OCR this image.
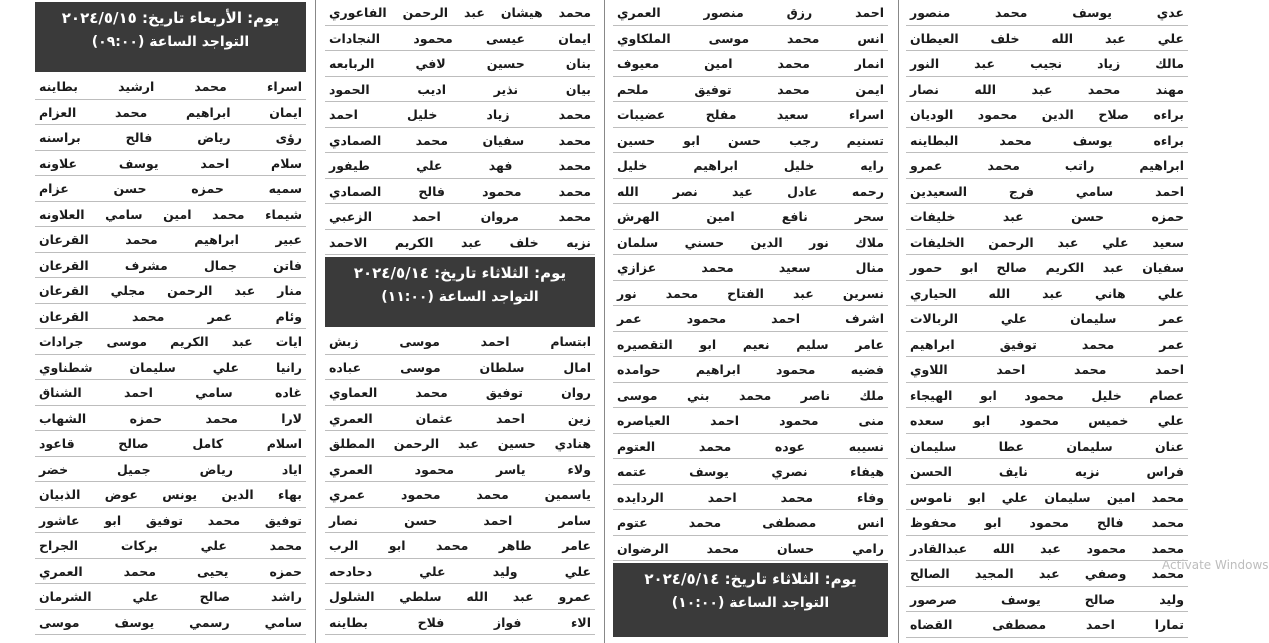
عدي يوسف محمد منصور
علي عبد الله خلف العيطان
مالك زياد نجيب عبد النور
مهند محمد عبد الله نصار
براءه صلاح الدين محمود الوديان
براءه يوسف محمد البطاينه
ابراهيم راتب محمد عمرو
احمد سامي فرج السعيدين
حمزه حسن عبد خليفات
سعيد علي عبد الرحمن الخليفات
سفيان عبد الكريم صالح ابو حمور
علي هاني عبد الله الحياري
عمر سليمان علي الربالات
عمر محمد توفيق ابراهيم
احمد محمد احمد اللاوي
عصام خليل محمود ابو الهيجاء
علي خميس محمود ابو سعده
عنان سليمان عطا سليمان
فراس نزيه نايف الحسن
محمد امين سليمان علي ابو ناموس
محمد فالح محمود ابو محفوظ
محمد محمود عبد الله عبدالقادر
محمد وصفي عبد المجيد الصالح
وليد صالح يوسف صرصور
تمارا احمد مصطفى القضاه
احمد رزق منصور العمري
انس محمد موسى الملكاوي
انمار محمد امين معيوف
ايمن محمد توفيق ملحم
اسراء سعيد مفلح عضيبات
تسنيم رجب حسن ابو حسين
رايه خليل ابراهيم خليل
رحمه عادل عيد نصر الله
سحر نافع امين الهرش
ملاك نور الدين حسني سلمان
منال سعيد محمد عزازي
نسرين عبد الفتاح محمد نور
اشرف احمد محمود عمر
عامر سليم نعيم ابو التقصيره
فضيه محمود ابراهيم حوامده
ملك ناصر محمد بني موسى
منى محمود احمد العياصره
نسيبه عوده محمد العتوم
هيفاء نصري يوسف عتمه
وفاء محمد احمد الردايده
انس مصطفى محمد عتوم
رامي حسان محمد الرضوان
يوم: الثلاثاء تاريخ: ٢٠٢٤/٥/١٤
التواجد الساعة (١٠:٠٠)
محمد هيشان عبد الرحمن الفاعوري
ايمان عيسى محمود النجادات
بنان حسين لافي الربابعه
بيان نذير اديب الحمود
محمد زياد خليل احمد
محمد سفيان محمد الصمادي
محمد فهد علي طيفور
محمد محمود فالح الصمادي
محمد مروان احمد الزعبي
نزيه خلف عبد الكريم الاحمد
يوم: الثلاثاء تاريخ: ٢٠٢٤/٥/١٤
التواجد الساعة (١١:٠٠)
ابتسام احمد موسى زبش
امال سلطان موسى عباده
روان توفيق محمد العماوي
زين احمد عثمان العمري
هنادي حسين عبد الرحمن المطلق
ولاء ياسر محمود العمري
ياسمين محمد محمود عمري
سامر احمد حسن نصار
عامر طاهر محمد ابو الرب
علي وليد علي دحادحه
عمرو عبد الله سلطي الشلول
الاء فواز فلاح بطاينه
يوم: الأربعاء تاريخ: ٢٠٢٤/٥/١٥
التواجد الساعة (٠٩:٠٠)
اسراء محمد ارشيد بطاينه
ايمان ابراهيم محمد العزام
رؤى رياض فالح براسنه
سلام احمد يوسف علاونه
سميه حمزه حسن عزام
شيماء محمد امين سامي العلاونه
عبير ابراهيم محمد القرعان
فاتن جمال مشرف القرعان
منار عبد الرحمن مجلي القرعان
وئام عمر محمد القرعان
ايات عبد الكريم موسى جرادات
رانيا علي سليمان شطناوي
غاده سامي احمد الشناق
لارا محمد حمزه الشهاب
اسلام كامل صالح قاعود
اياد رياض جميل خضر
بهاء الدين يونس عوض الذبيان
توفيق محمد توفيق ابو عاشور
محمد علي بركات الجراح
حمزه يحيى محمد العمري
راشد صالح علي الشرمان
سامي رسمي يوسف موسى
Activate Windows
